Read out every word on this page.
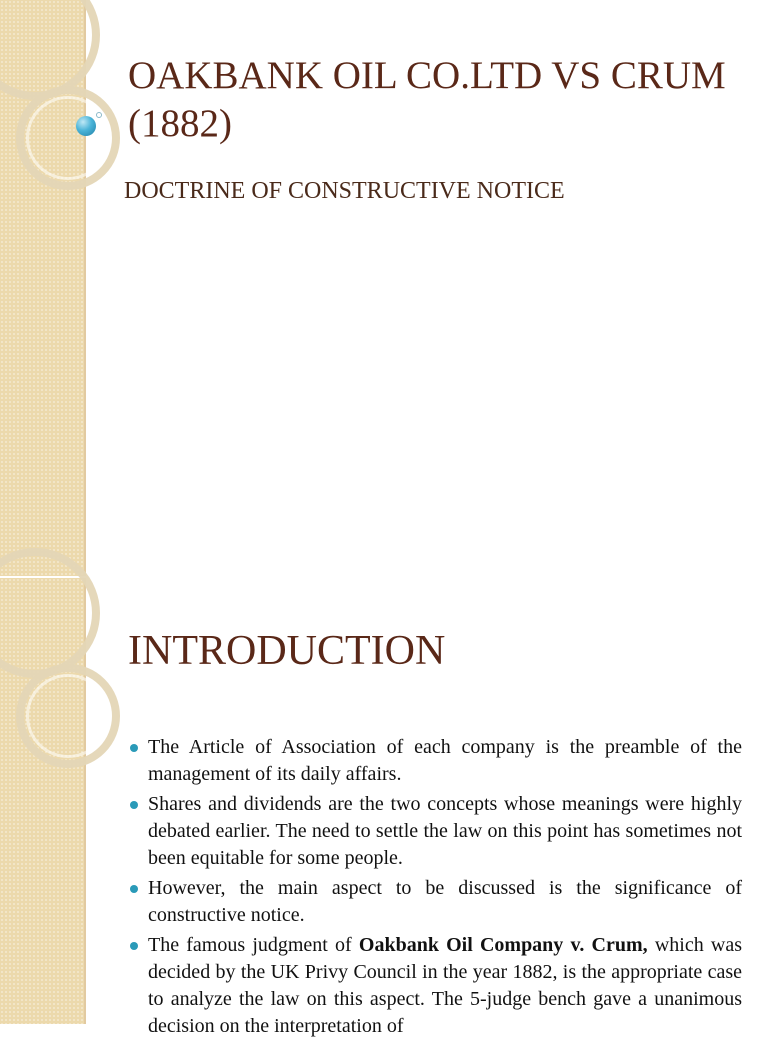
OAKBANK OIL CO.LTD VS CRUM (1882)

DOCTRINE OF CONSTRUCTIVE NOTICE

INTRODUCTION
The Article of Association of each company is the preamble of the management of its daily affairs.
Shares and dividends are the two concepts whose meanings were highly debated earlier. The need to settle the law on this point has sometimes not been equitable for some people.
However, the main aspect to be discussed is the significance of constructive notice.
The famous judgment of Oakbank Oil Company v. Crum, which was decided by the UK Privy Council in the year 1882, is the appropriate case to analyze the law on this aspect. The 5-judge bench gave a unanimous decision on the interpretation of
